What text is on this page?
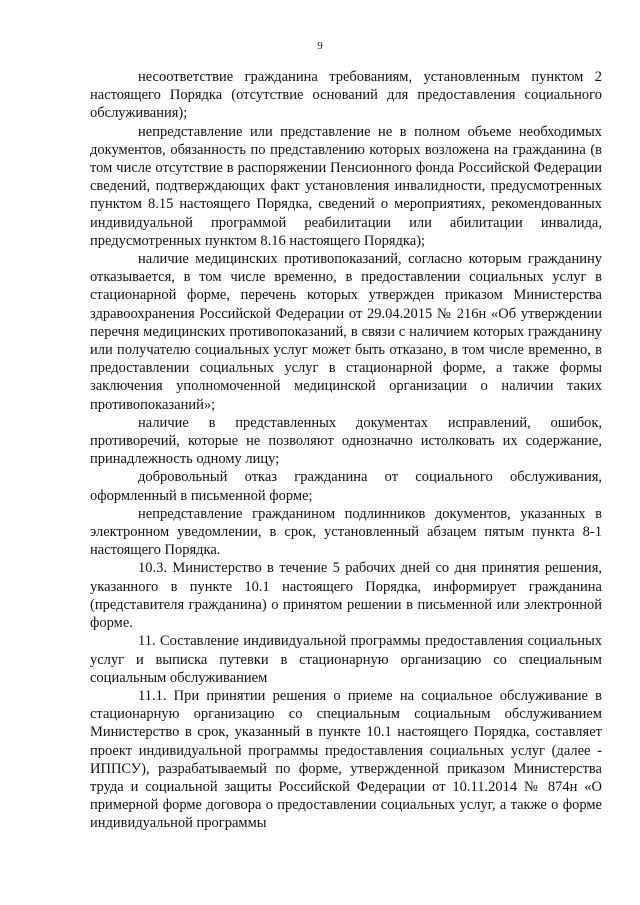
9

несоответствие гражданина требованиям, установленным пунктом 2 настоящего Порядка (отсутствие оснований для предоставления социального обслуживания);

непредставление или представление не в полном объеме необходимых документов, обязанность по представлению которых возложена на гражданина (в том числе отсутствие в распоряжении Пенсионного фонда Российской Федерации сведений, подтверждающих факт установления инвалидности, предусмотренных пунктом 8.15 настоящего Порядка, сведений о мероприятиях, рекомендованных индивидуальной программой реабилитации или абилитации инвалида, предусмотренных пунктом 8.16 настоящего Порядка);

наличие медицинских противопоказаний, согласно которым гражданину отказывается, в том числе временно, в предоставлении социальных услуг в стационарной форме, перечень которых утвержден приказом Министерства здравоохранения Российской Федерации от 29.04.2015 № 216н «Об утверждении перечня медицинских противопоказаний, в связи с наличием которых гражданину или получателю социальных услуг может быть отказано, в том числе временно, в предоставлении социальных услуг в стационарной форме, а также формы заключения уполномоченной медицинской организации о наличии таких противопоказаний»;

наличие в представленных документах исправлений, ошибок, противоречий, которые не позволяют однозначно истолковать их содержание, принадлежность одному лицу;

добровольный отказ гражданина от социального обслуживания, оформленный в письменной форме;

непредставление гражданином подлинников документов, указанных в электронном уведомлении, в срок, установленный абзацем пятым пункта 8-1 настоящего Порядка.

10.3. Министерство в течение 5 рабочих дней со дня принятия решения, указанного в пункте 10.1 настоящего Порядка, информирует гражданина (представителя гражданина) о принятом решении в письменной или электронной форме.

11. Составление индивидуальной программы предоставления социальных услуг и выписка путевки в стационарную организацию со специальным социальным обслуживанием

11.1. При принятии решения о приеме на социальное обслуживание в стационарную организацию со специальным социальным обслуживанием Министерство в срок, указанный в пункте 10.1 настоящего Порядка, составляет проект индивидуальной программы предоставления социальных услуг (далее - ИППСУ), разрабатываемый по форме, утвержденной приказом Министерства труда и социальной защиты Российской Федерации от 10.11.2014 № 874н «О примерной форме договора о предоставлении социальных услуг, а также о форме индивидуальной программы
